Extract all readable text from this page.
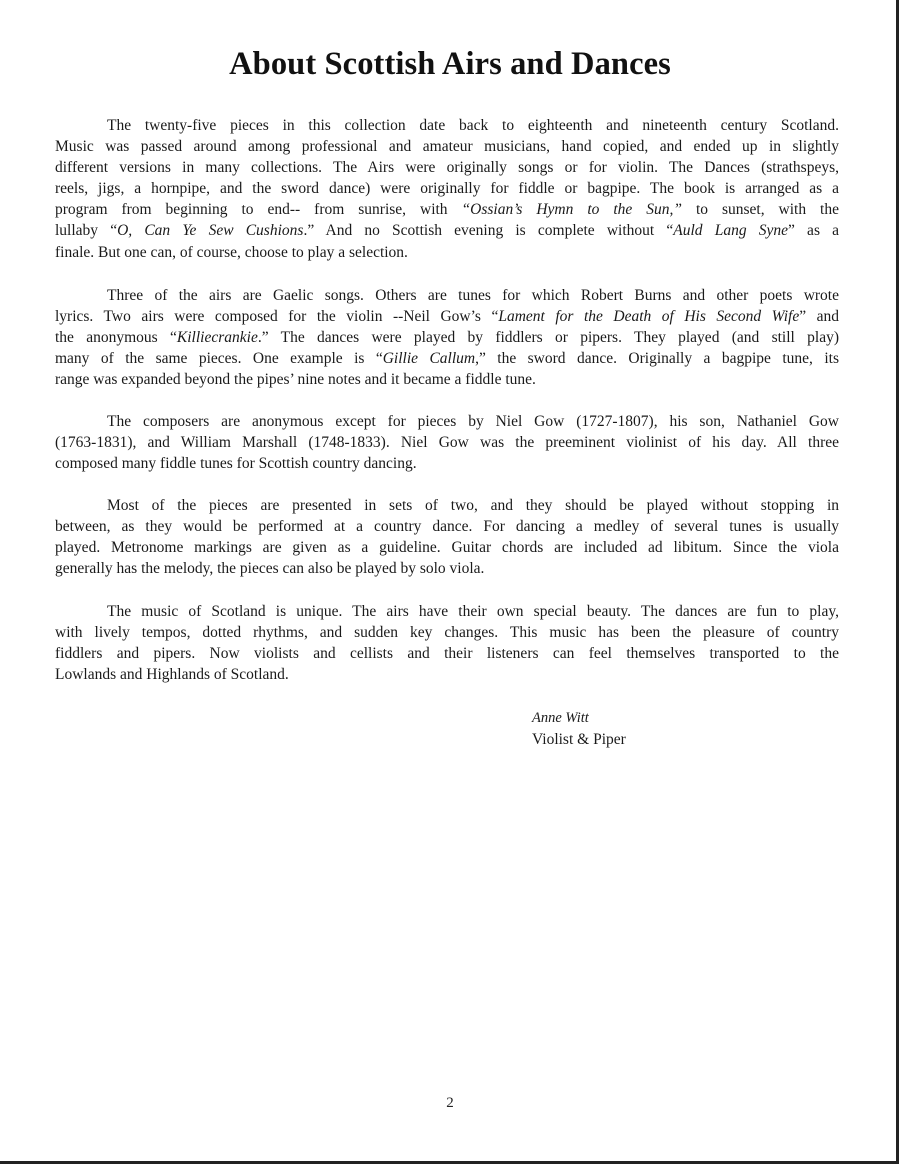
About Scottish Airs and Dances
The twenty-five pieces in this collection date back to eighteenth and nineteenth century Scotland.
Music was passed around among professional and amateur musicians, hand copied, and ended up in slightly
different versions in many collections. The Airs were originally songs or for violin. The Dances (strathspeys,
reels, jigs, a hornpipe, and the sword dance) were originally for fiddle or bagpipe. The book is arranged as a
program from beginning to end-- from sunrise, with “Ossian’s Hymn to the Sun,” to sunset, with the
lullaby “O, Can Ye Sew Cushions.” And no Scottish evening is complete without “Auld Lang Syne” as a
finale. But one can, of course, choose to play a selection.
Three of the airs are Gaelic songs. Others are tunes for which Robert Burns and other poets wrote
lyrics. Two airs were composed for the violin --Neil Gow’s “Lament for the Death of His Second Wife” and
the anonymous “Killiecrankie.” The dances were played by fiddlers or pipers. They played (and still play)
many of the same pieces. One example is “Gillie Callum,” the sword dance. Originally a bagpipe tune, its
range was expanded beyond the pipes’ nine notes and it became a fiddle tune.
The composers are anonymous except for pieces by Niel Gow (1727-1807), his son, Nathaniel Gow
(1763-1831), and William Marshall (1748-1833). Niel Gow was the preeminent violinist of his day. All three
composed many fiddle tunes for Scottish country dancing.
Most of the pieces are presented in sets of two, and they should be played without stopping in
between, as they would be performed at a country dance. For dancing a medley of several tunes is usually
played. Metronome markings are given as a guideline. Guitar chords are included ad libitum. Since the viola
generally has the melody, the pieces can also be played by solo viola.
The music of Scotland is unique. The airs have their own special beauty. The dances are fun to play,
with lively tempos, dotted rhythms, and sudden key changes. This music has been the pleasure of country
fiddlers and pipers. Now violists and cellists and their listeners can feel themselves transported to the
Lowlands and Highlands of Scotland.

Anne Witt

Violist & Piper

2
